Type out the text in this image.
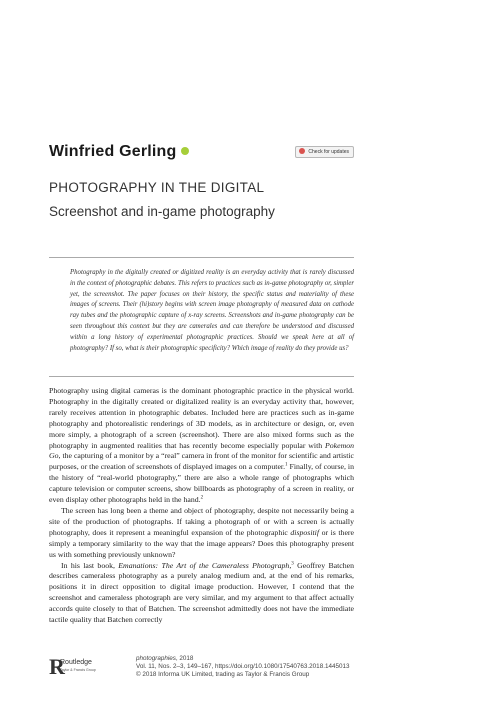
Winfried Gerling	Check for updates
PHOTOGRAPHY IN THE DIGITAL
Screenshot and in-game photography

Photography in the digitally created or digitized reality is an everyday activity that is rarely discussed in the context of photographic debates. This refers to practices such as in-game photography or, simpler yet, the screenshot. The paper focuses on their history, the specific status and materiality of these images of screens. Their (hi)story begins with screen image photography of measured data on cathode ray tubes and the photographic capture of x-ray screens. Screenshots and in-game photography can be seen throughout this context but they are camerales and can therefore be understood and discussed within a long history of experimental photographic practices. Should we speak here at all of photography? If so, what is their photographic specificity? Which image of reality do they provide us?

Photography using digital cameras is the dominant photographic practice in the physical world. Photography in the digitally created or digitalized reality is an everyday activity that, however, rarely receives attention in photographic debates. Included here are practices such as in-game photography and photorealistic renderings of 3D models, as in architecture or design, or, even more simply, a photograph of a screen (screenshot). There are also mixed forms such as the photography in augmented realities that has recently become especially popular with Pokemon Go, the capturing of a monitor by a “real” camera in front of the monitor for scientific and artistic purposes, or the creation of screenshots of displayed images on a computer.$^1$ Finally, of course, in the history of “real-world photography,” there are also a whole range of photographs which capture television or computer screens, show billboards as photography of a screen in reality, or even display other photographs held in the hand.$^2$

The screen has long been a theme and object of photography, despite not necessarily being a site of the production of photographs. If taking a photograph of or with a screen is actually photography, does it represent a meaningful expansion of the photographic dispositif or is there simply a temporary similarity to the way that the image appears? Does this photography present us with something previously unknown?

In his last book, Emanations: The Art of the Cameraless Photograph,$^3$ Geoffrey Batchen describes cameraless photography as a purely analog medium and, at the end of his remarks, positions it in direct opposition to digital image production. However, I contend that the screenshot and cameraless photograph are very similar, and my argument to that affect actually accords quite closely to that of Batchen. The screenshot admittedly does not have the immediate tactile quality that Batchen correctly

R
Routledge
Taylor & Francis Group
photographies, 2018
Vol. 11, Nos. 2–3, 149–167, https://doi.org/10.1080/17540763.2018.1445013
© 2018 Informa UK Limited, trading as Taylor & Francis Group
